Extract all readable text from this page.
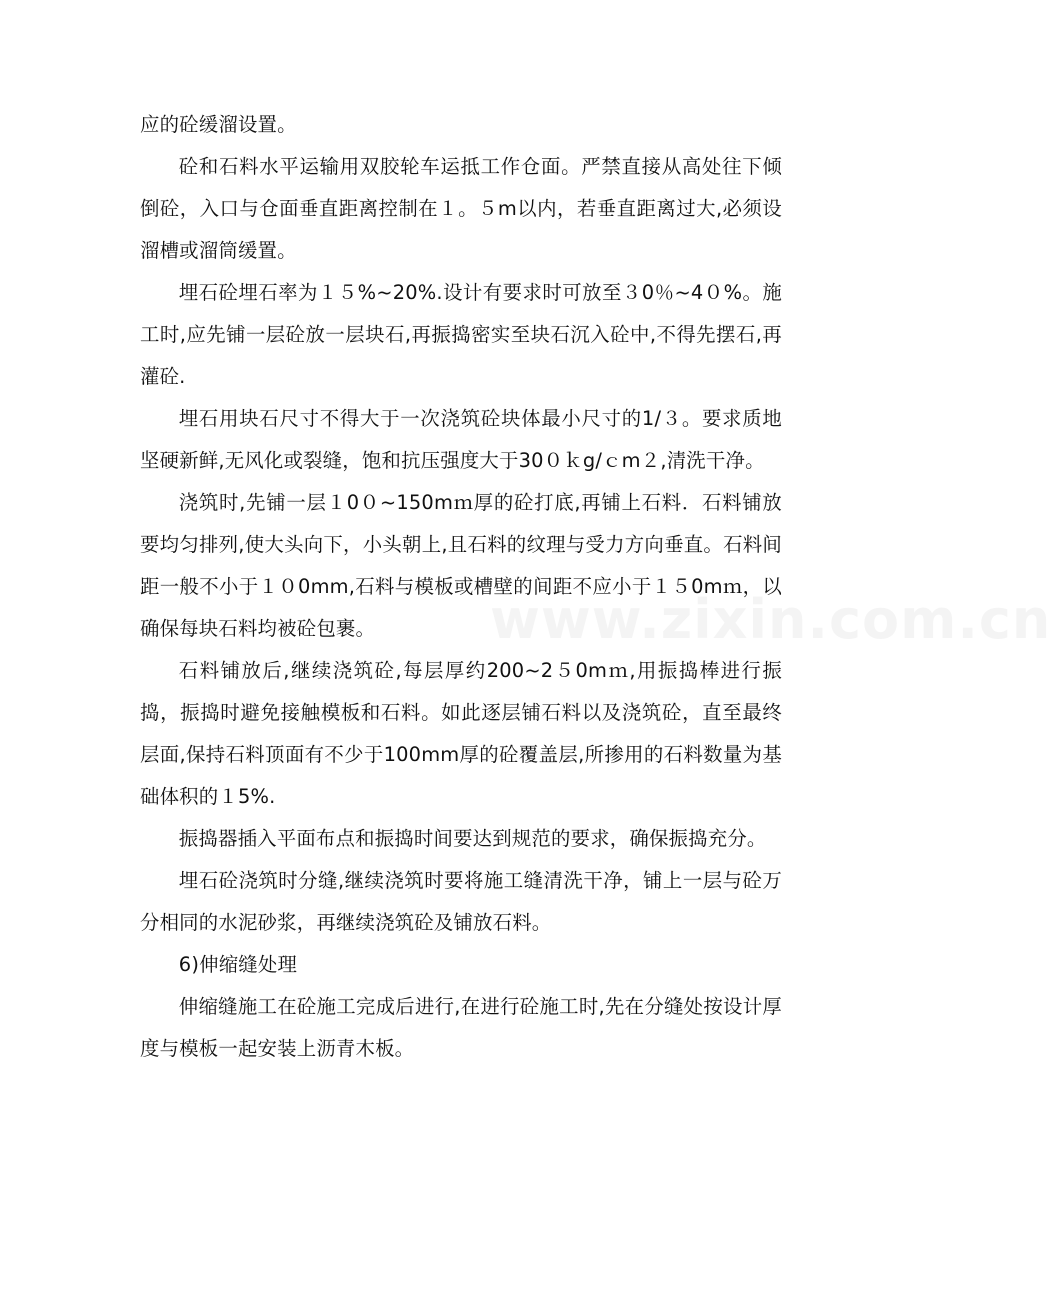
应的砼缓溜设置。

砼和石料水平运输用双胶轮车运抵工作仓面。严禁直接从高处往下倾倒砼，入口与仓面垂直距离控制在１。５m以内，若垂直距离过大,必须设溜槽或溜筒缓置。

埋石砼埋石率为１５%~20%.设计有要求时可放至３0％~4０%。施工时,应先铺一层砼放一层块石,再振捣密实至块石沉入砼中,不得先摆石,再灌砼.

埋石用块石尺寸不得大于一次浇筑砼块体最小尺寸的1/３。要求质地坚硬新鲜,无风化或裂缝，饱和抗压强度大于30０ｋg/ｃm２,清洗干净。

浇筑时,先铺一层１0０~150mｍ厚的砼打底,再铺上石料．石料铺放要均匀排列,使大头向下，小头朝上,且石料的纹理与受力方向垂直。石料间距一般不小于１０0mm,石料与模板或槽壁的间距不应小于１５0mｍ，以确保每块石料均被砼包裹。

石料铺放后,继续浇筑砼,每层厚约200~2５0mｍ,用振捣棒进行振捣，振捣时避免接触模板和石料。如此逐层铺石料以及浇筑砼，直至最终层面,保持石料顶面有不少于100mm厚的砼覆盖层,所掺用的石料数量为基础体积的１5%.

振捣器插入平面布点和振捣时间要达到规范的要求，确保振捣充分。

埋石砼浇筑时分缝,继续浇筑时要将施工缝清洗干净，铺上一层与砼万分相同的水泥砂浆，再继续浇筑砼及铺放石料。

6)伸缩缝处理

伸缩缝施工在砼施工完成后进行,在进行砼施工时,先在分缝处按设计厚度与模板一起安装上沥青木板。

www.zixin.com.cn
